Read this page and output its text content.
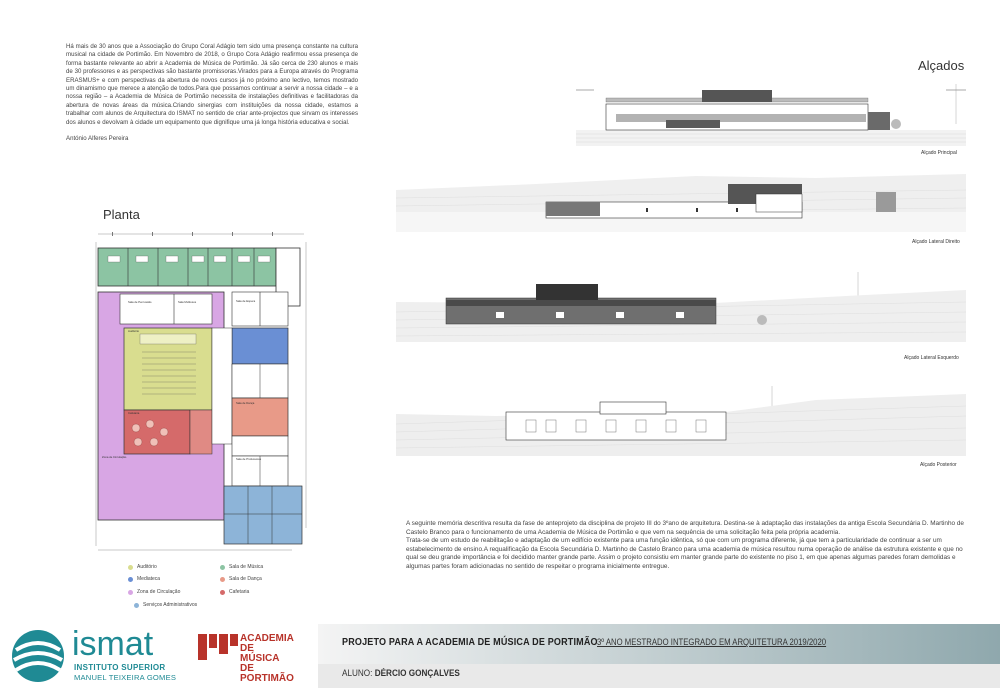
Há mais de 30 anos que a Associação do Grupo Coral Adágio tem sido uma presença constante na cultura musical na cidade de Portimão. Em Novembro de 2018, o Grupo Cora Adágio reafirmou essa presença de forma bastante relevante ao abrir a Academia de Música de Portimão. Já são cerca de 230 alunos e mais de 30 professores e as perspectivas são bastante promissoras.Virados para a Europa através do Programa ERASMUS+ e com perspectivas da abertura de novos cursos já no próximo ano lectivo, temos mostrado um dinamismo que merece a atenção de todos.Para que possamos continuar a servir a nossa cidade – e a nossa região – a Academia de Música de Portimão necessita de instalações definitivas e facilitadoras da abertura de novas áreas da música.Criando sinergias com instituições da nossa cidade, estamos a trabalhar com alunos de Arquitectura do ISMAT no sentido de criar ante-projectos que sirvam os interesses dos alunos e devolvam à cidade um equipamento que dignifique uma já longa história educativa e social.

António Alferes Pereira

Planta
Sala de Percussão	Sala Multiusos	Sala de Espera
Sala de Dança
Sala de Professores
Auditório
Cafetaria
Zona de Circulação
Auditório	Sala de Música
Mediateca	Sala de Dança
Zona de Circulação	Cafetaria
Serviços Administrativos
Alçados
Alçado Principal
Alçado Lateral Direito
Alçado Lateral Esquerdo
Alçado Posterior

A seguinte memória descritiva resulta da fase de anteprojeto da disciplina de projeto III do 3ºano de arquitetura. Destina-se à adaptação das instalações da antiga Escola Secundária D. Martinho de Castelo Branco para o funcionamento de uma Academia de Música de Portimão e que vem na sequência de uma solicitação feita pela própria academia.

Trata-se de um estudo de reabilitação e adaptação de um edifício existente para uma função idêntica, só que com um programa diferente, já que tem a particularidade de continuar a ser um estabelecimento de ensino.A requalificação da Escola Secundária D. Martinho de Castelo Branco para uma academia de música resultou numa operação de análise da estrutura existente e que no qual se deu grande importância e foi decidido manter grande parte. Assim o projeto consistiu em manter grande parte do existente no piso 1, em que apenas algumas paredes foram demolidas e algumas partes foram adicionadas no sentido de respeitar o programa inicialmente entregue.

ismat
INSTITUTO SUPERIOR
MANUEL TEIXEIRA GOMES
ACADEMIA
DE
MÚSICA
DE
PORTIMÃO
PROJETO PARA A ACADEMIA DE MÚSICA DE PORTIMÃO 3º ANO MESTRADO INTEGRADO EM ARQUITETURA 2019/2020
ALUNO: DÉRCIO GONÇALVES
